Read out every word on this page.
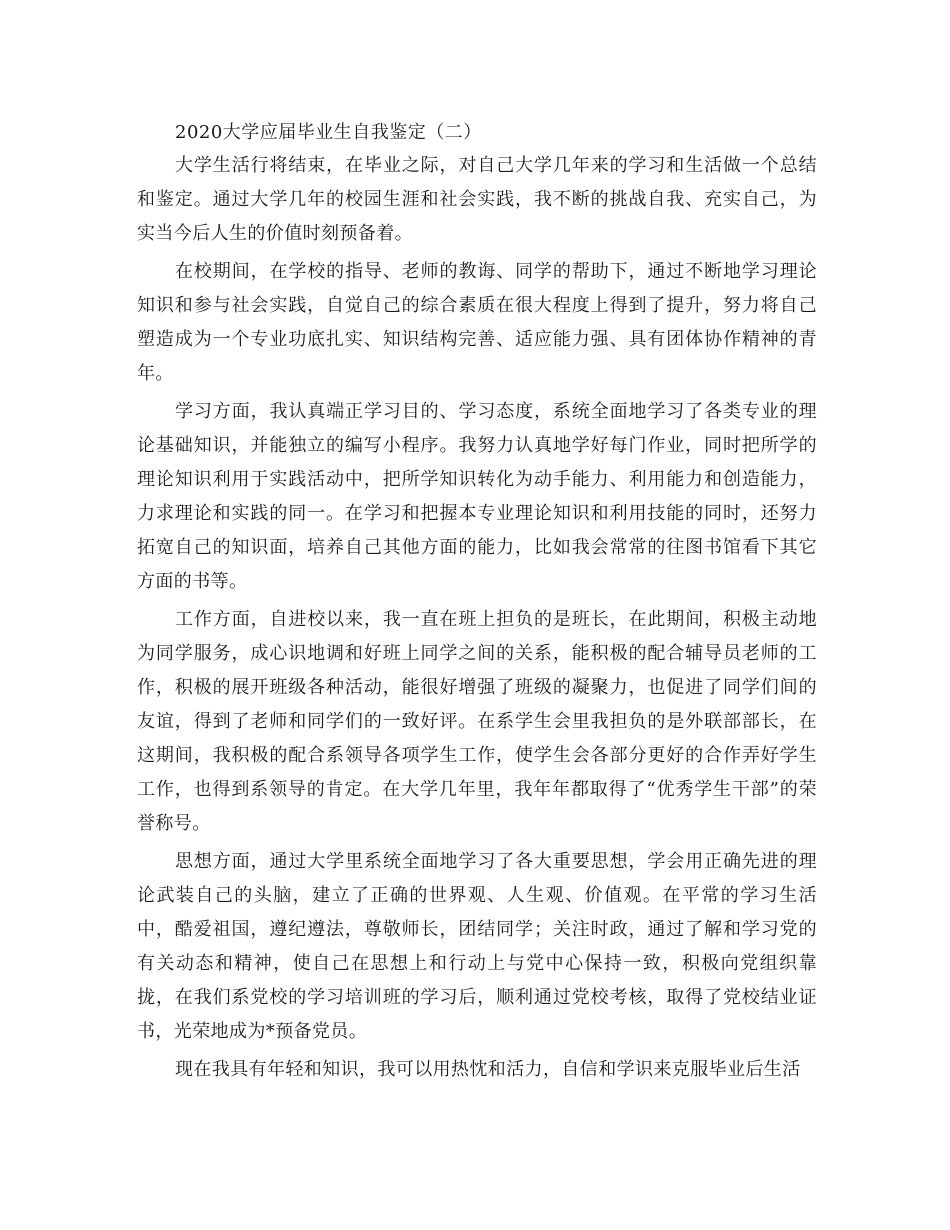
2020大学应届毕业生自我鉴定（二）

大学生活行将结束，在毕业之际，对自己大学几年来的学习和生活做一个总结和鉴定。通过大学几年的校园生涯和社会实践，我不断的挑战自我、充实自己，为实当今后人生的价值时刻预备着。

在校期间，在学校的指导、老师的教诲、同学的帮助下，通过不断地学习理论知识和参与社会实践，自觉自己的综合素质在很大程度上得到了提升，努力将自己塑造成为一个专业功底扎实、知识结构完善、适应能力强、具有团体协作精神的青年。

学习方面，我认真端正学习目的、学习态度，系统全面地学习了各类专业的理论基础知识，并能独立的编写小程序。我努力认真地学好每门作业，同时把所学的理论知识利用于实践活动中，把所学知识转化为动手能力、利用能力和创造能力，力求理论和实践的同一。在学习和把握本专业理论知识和利用技能的同时，还努力拓宽自己的知识面，培养自己其他方面的能力，比如我会常常的往图书馆看下其它方面的书等。

工作方面，自进校以来，我一直在班上担负的是班长，在此期间，积极主动地为同学服务，成心识地调和好班上同学之间的关系，能积极的配合辅导员老师的工作，积极的展开班级各种活动，能很好增强了班级的凝聚力，也促进了同学们间的友谊，得到了老师和同学们的一致好评。在系学生会里我担负的是外联部部长，在这期间，我积极的配合系领导各项学生工作，使学生会各部分更好的合作弄好学生工作，也得到系领导的肯定。在大学几年里，我年年都取得了“优秀学生干部”的荣誉称号。

思想方面，通过大学里系统全面地学习了各大重要思想，学会用正确先进的理论武装自己的头脑，建立了正确的世界观、人生观、价值观。在平常的学习生活中，酷爱祖国，遵纪遵法，尊敬师长，团结同学；关注时政，通过了解和学习党的有关动态和精神，使自己在思想上和行动上与党中心保持一致，积极向党组织靠拢，在我们系党校的学习培训班的学习后，顺利通过党校考核，取得了党校结业证书，光荣地成为*预备党员。

现在我具有年轻和知识，我可以用热忱和活力，自信和学识来克服毕业后生活
